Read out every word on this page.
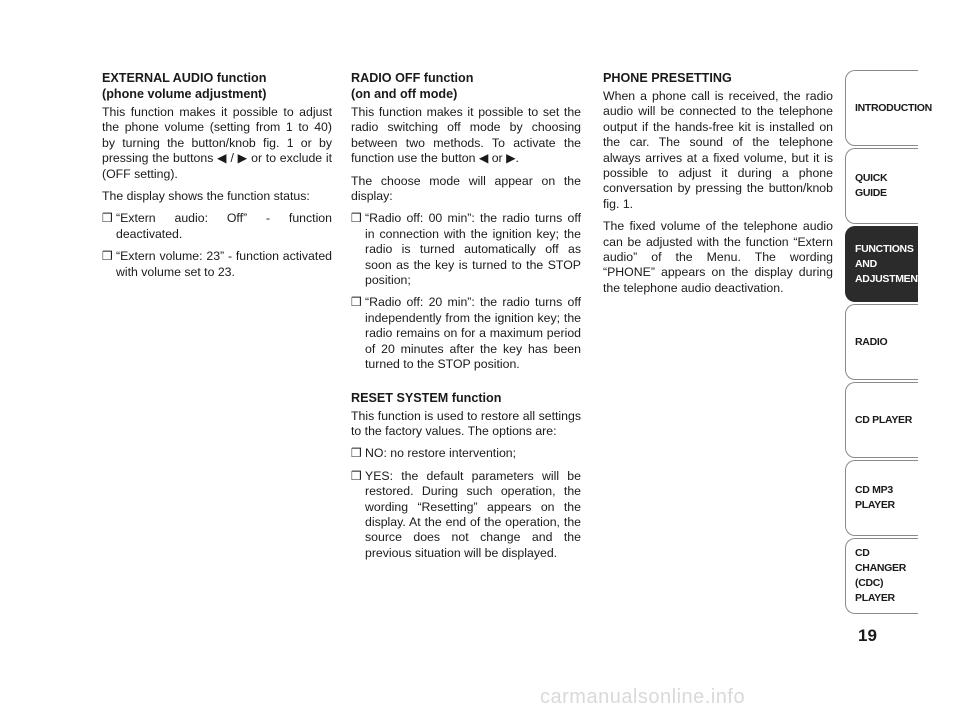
EXTERNAL AUDIO function
(phone volume adjustment)

This function makes it possible to adjust the phone volume (setting from 1 to 40) by turning the button/knob fig. 1 or by pressing the buttons ◀ / ▶ or to exclude it (OFF setting).

The display shows the function status:

❒ “Extern audio: Off” - function deactivated.
❒ “Extern volume: 23” - function activated with volume set to 23.
RADIO OFF function
(on and off mode)

This function makes it possible to set the radio switching off mode by choosing between two methods. To activate the function use the button ◀ or ▶.

The choose mode will appear on the display:

❒ “Radio off: 00 min”: the radio turns off in connection with the ignition key; the radio is turned automatically off as soon as the key is turned to the STOP position;
❒ “Radio off: 20 min”: the radio turns off independently from the ignition key; the radio remains on for a maximum period of 20 minutes after the key has been turned to the STOP position.
RESET SYSTEM function

This function is used to restore all settings to the factory values. The options are:

❒ NO: no restore intervention;
❒ YES: the default parameters will be restored. During such operation, the wording “Resetting” appears on the display. At the end of the operation, the source does not change and the previous situation will be displayed.
PHONE PRESETTING

When a phone call is received, the radio audio will be connected to the telephone output if the hands-free kit is installed on the car. The sound of the telephone always arrives at a fixed volume, but it is possible to adjust it during a phone conversation by pressing the button/knob fig. 1.

The fixed volume of the telephone audio can be adjusted with the function “Extern audio” of the Menu. The wording “PHONE” appears on the display during the telephone audio deactivation.

INTRODUCTION
QUICK
GUIDE
FUNCTIONS
AND
ADJUSTMENTS
RADIO
CD PLAYER
CD MP3
PLAYER
CD CHANGER
(CDC) PLAYER
19
carmanualsonline.info
